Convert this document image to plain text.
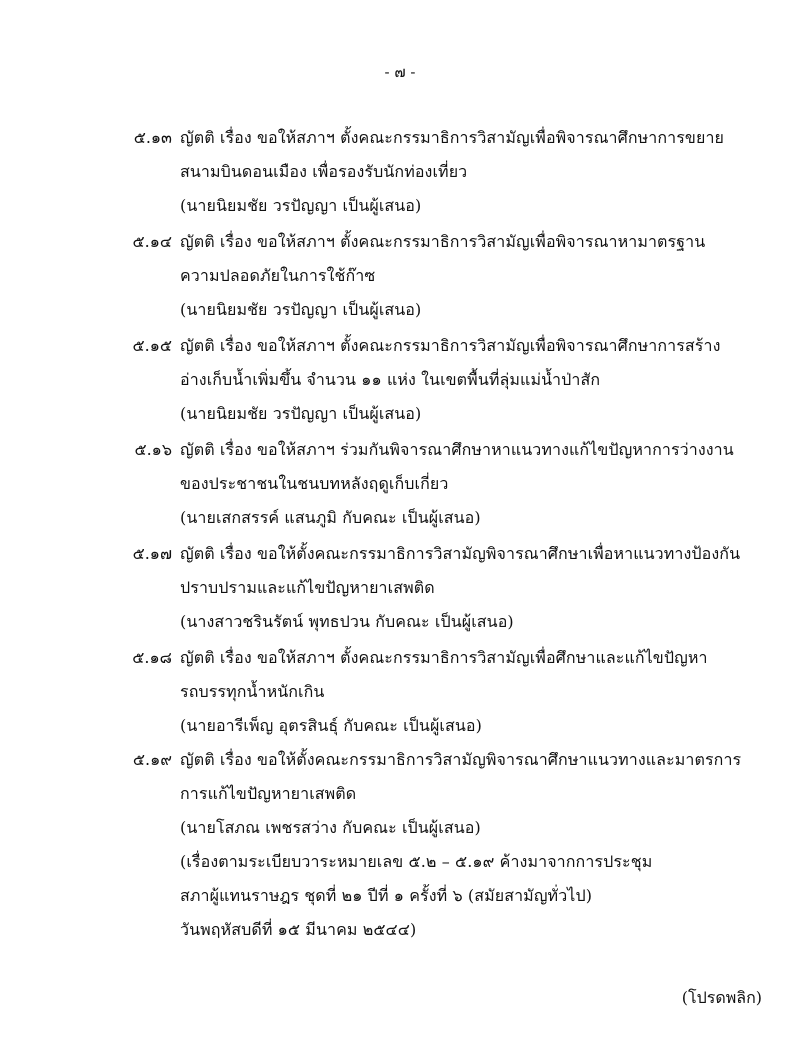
- ๗ -
๕.๑๓ ญัตติ เรื่อง ขอให้สภาฯ ตั้งคณะกรรมาธิการวิสามัญเพื่อพิจารณาศึกษาการขยาย
สนามบินดอนเมือง เพื่อรองรับนักท่องเที่ยว
(นายนิยมชัย วรปัญญา เป็นผู้เสนอ)
๕.๑๔ ญัตติ เรื่อง ขอให้สภาฯ ตั้งคณะกรรมาธิการวิสามัญเพื่อพิจารณาหามาตรฐาน
ความปลอดภัยในการใช้ก๊าซ
(นายนิยมชัย วรปัญญา เป็นผู้เสนอ)
๕.๑๕ ญัตติ เรื่อง ขอให้สภาฯ ตั้งคณะกรรมาธิการวิสามัญเพื่อพิจารณาศึกษาการสร้าง
อ่างเก็บน้ำเพิ่มขึ้น จำนวน ๑๑ แห่ง ในเขตพื้นที่ลุ่มแม่น้ำป่าสัก
(นายนิยมชัย วรปัญญา เป็นผู้เสนอ)
๕.๑๖ ญัตติ เรื่อง ขอให้สภาฯ ร่วมกันพิจารณาศึกษาหาแนวทางแก้ไขปัญหาการว่างงาน
ของประชาชนในชนบทหลังฤดูเก็บเกี่ยว
(นายเสกสรรค์ แสนภูมิ กับคณะ เป็นผู้เสนอ)
๕.๑๗ ญัตติ เรื่อง ขอให้ตั้งคณะกรรมาธิการวิสามัญพิจารณาศึกษาเพื่อหาแนวทางป้องกัน
ปราบปรามและแก้ไขปัญหายาเสพติด
(นางสาวชรินรัตน์ พุทธปวน กับคณะ เป็นผู้เสนอ)
๕.๑๘ ญัตติ เรื่อง ขอให้สภาฯ ตั้งคณะกรรมาธิการวิสามัญเพื่อศึกษาและแก้ไขปัญหา
รถบรรทุกน้ำหนักเกิน
(นายอารีเพ็ญ อุตรสินธุ์ กับคณะ เป็นผู้เสนอ)
๕.๑๙ ญัตติ เรื่อง ขอให้ตั้งคณะกรรมาธิการวิสามัญพิจารณาศึกษาแนวทางและมาตรการ
การแก้ไขปัญหายาเสพติด
(นายโสภณ เพชรสว่าง กับคณะ เป็นผู้เสนอ)
(เรื่องตามระเบียบวาระหมายเลข ๕.๒ – ๕.๑๙ ค้างมาจากการประชุม
สภาผู้แทนราษฎร ชุดที่ ๒๑ ปีที่ ๑ ครั้งที่ ๖ (สมัยสามัญทั่วไป)
วันพฤหัสบดีที่ ๑๕ มีนาคม ๒๕๔๔)
(โปรดพลิก)
